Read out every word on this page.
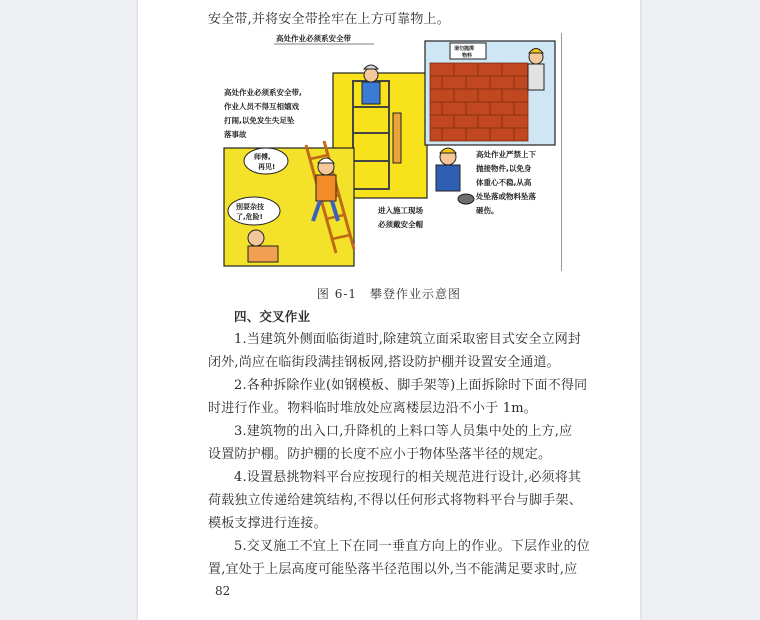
安全带,并将安全带拴牢在上方可靠物上。
高处作业必须系安全带
高处作业必须系安全带, 作业人员不得互相嬉戏 打闹,以免发生失足坠 落事故
师傅, 再见!
别耍杂技 了,危险!
进入施工现场 必须戴安全帽
请勿抛掷 物料
高处作业严禁上下 抛接物件,以免身 体重心不稳,从高 处坠落或物料坠落 砸伤。
图 6-1　攀登作业示意图
四、交叉作业
1.当建筑外侧面临街道时,除建筑立面采取密目式安全立网封
闭外,尚应在临街段满挂钢板网,搭设防护棚并设置安全通道。
2.各种拆除作业(如钢模板、脚手架等)上面拆除时下面不得同
时进行作业。物料临时堆放处应离楼层边沿不小于 1m。
3.建筑物的出入口,升降机的上料口等人员集中处的上方,应
设置防护棚。防护棚的长度不应小于物体坠落半径的规定。
4.设置悬挑物料平台应按现行的相关规范进行设计,必须将其
荷载独立传递给建筑结构,不得以任何形式将物料平台与脚手架、
模板支撑进行连接。
5.交叉施工不宜上下在同一垂直方向上的作业。下层作业的位
置,宜处于上层高度可能坠落半径范围以外,当不能满足要求时,应
82
